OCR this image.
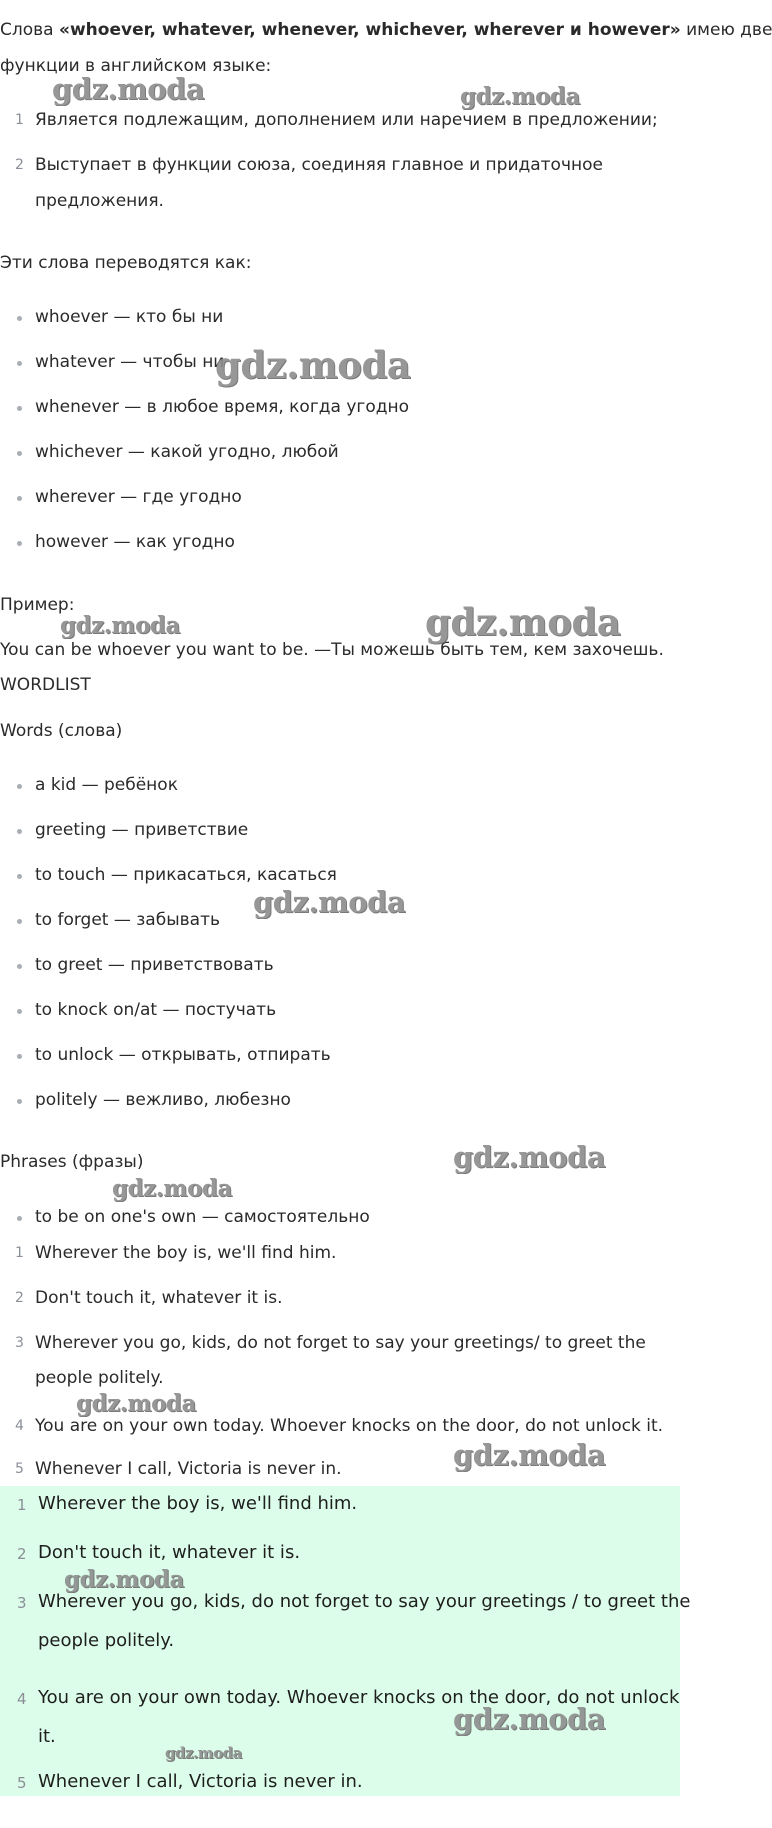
Слова «whoever, whatever, whenever, whichever, wherever и however» имею две
функции в английском языке:
1 Является подлежащим, дополнением или наречием в предложении;
2 Выступает в функции союза, соединяя главное и придаточное
предложения.
Эти слова переводятся как:
whoever — кто бы ни
whatever — чтобы ни
whenever — в любое время, когда угодно
whichever — какой угодно, любой
wherever — где угодно
however — как угодно
Пример:
You can be whoever you want to be. —Ты можешь быть тем, кем захочешь.
WORDLIST
Words (слова)
a kid — ребёнок
greeting — приветствие
to touch — прикасаться, касаться
to forget — забывать
to greet — приветствовать
to knock on/at — постучать
to unlock — открывать, отпирать
politely — вежливо, любезно
Phrases (фразы)
to be on one's own — самостоятельно
1 Wherever the boy is, we'll find him.
2 Don't touch it, whatever it is.
3 Wherever you go, kids, do not forget to say your greetings/ to greet the
people politely.
4 You are on your own today. Whoever knocks on the door, do not unlock it.
5 Whenever I call, Victoria is never in.
1 Wherever the boy is, we'll find him.
2 Don't touch it, whatever it is.
3 Wherever you go, kids, do not forget to say your greetings / to greet the
people politely.
4 You are on your own today. Whoever knocks on the door, do not unlock
it.
5 Whenever I call, Victoria is never in.
gdz.moda	gdz.moda
gdz.moda
gdz.moda	gdz.moda
gdz.moda
gdz.moda
gdz.moda
gdz.moda
gdz.moda
gdz.moda
gdz.moda
gdz.moda
